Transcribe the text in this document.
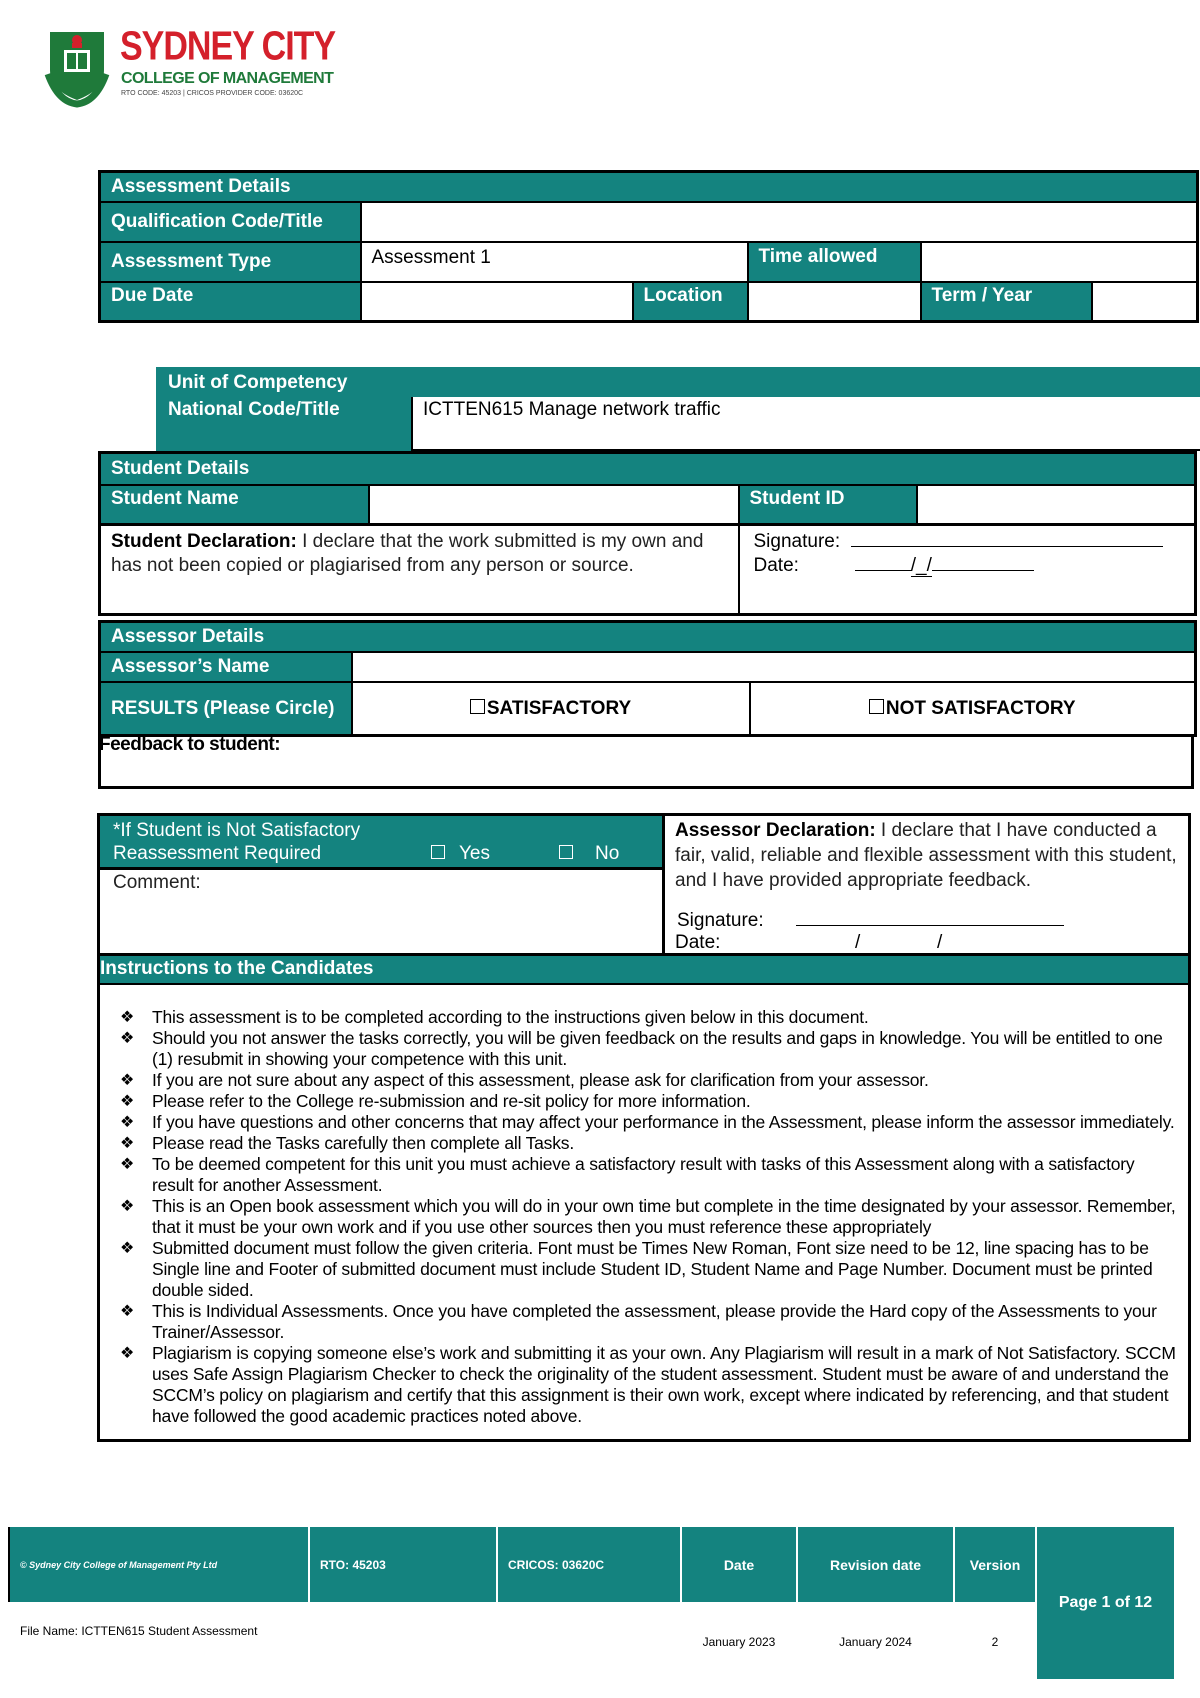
SYDNEY CITY
COLLEGE OF MANAGEMENT
RTO CODE: 45203 | CRICOS PROVIDER CODE: 03620C
Assessment Details					
Qualification Code/Title					
Assessment Type	Assessment 1		Time allowed		
Due Date		Location		Term / Year	
Unit of Competency
National Code/Title	ICTTEN615 Manage network traffic
Student Details			
Student Name		Student ID	
Student Declaration: I declare that the work submitted is my own and has not been copied or plagiarised from any person or source.		Signature:
Date: /_/	
Assessor Details		
Assessor’s Name		
RESULTS (Please Circle)	SATISFACTORY	NOT SATISFACTORY
Feedback to student:
*If Student is Not Satisfactory
Reassessment Required	Yes	No
Comment:
Assessor Declaration: I declare that I have conducted a fair, valid, reliable and flexible assessment with this student, and I have provided appropriate feedback.
Signature:
Date:	/	/
Instructions to the Candidates
❖ This assessment is to be completed according to the instructions given below in this document.
❖ Should you not answer the tasks correctly, you will be given feedback on the results and gaps in knowledge. You will be entitled to one (1) resubmit in showing your competence with this unit.
❖ If you are not sure about any aspect of this assessment, please ask for clarification from your assessor.
❖ Please refer to the College re-submission and re-sit policy for more information.
❖ If you have questions and other concerns that may affect your performance in the Assessment, please inform the assessor immediately.
❖ Please read the Tasks carefully then complete all Tasks.
❖ To be deemed competent for this unit you must achieve a satisfactory result with tasks of this Assessment along with a satisfactory result for another Assessment.
❖ This is an Open book assessment which you will do in your own time but complete in the time designated by your assessor. Remember, that it must be your own work and if you use other sources then you must reference these appropriately
❖ Submitted document must follow the given criteria. Font must be Times New Roman, Font size need to be 12, line spacing has to be Single line and Footer of submitted document must include Student ID, Student Name and Page Number. Document must be printed double sided.
❖ This is Individual Assessments. Once you have completed the assessment, please provide the Hard copy of the Assessments to your Trainer/Assessor.
❖ Plagiarism is copying someone else’s work and submitting it as your own. Any Plagiarism will result in a mark of Not Satisfactory. SCCM uses Safe Assign Plagiarism Checker to check the originality of the student assessment. Student must be aware of and understand the SCCM’s policy on plagiarism and certify that this assignment is their own work, except where indicated by referencing, and that student have followed the good academic practices noted above.
© Sydney City College of Management Pty Ltd	RTO: 45203	CRICOS: 03620C	Date	Revision date	Version	Page 1 of 12
File Name: ICTTEN615 Student Assessment			January 2023	January 2024	2	
